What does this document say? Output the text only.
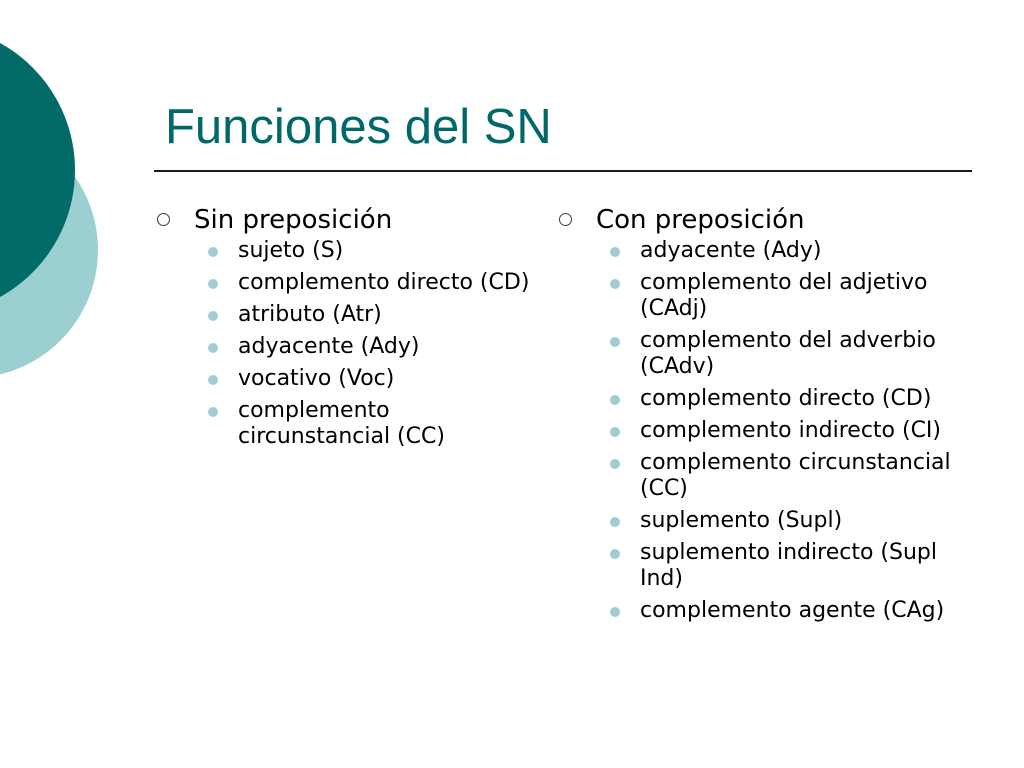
Funciones del SN
Sin preposición
sujeto (S)
complemento directo (CD)
atributo (Atr)
adyacente (Ady)
vocativo (Voc)
complemento circunstancial (CC)
Con preposición
adyacente (Ady)
complemento del adjetivo (CAdj)
complemento del adverbio (CAdv)
complemento directo (CD)
complemento indirecto (CI)
complemento circunstancial (CC)
suplemento (Supl)
suplemento indirecto (Supl Ind)
complemento agente (CAg)
